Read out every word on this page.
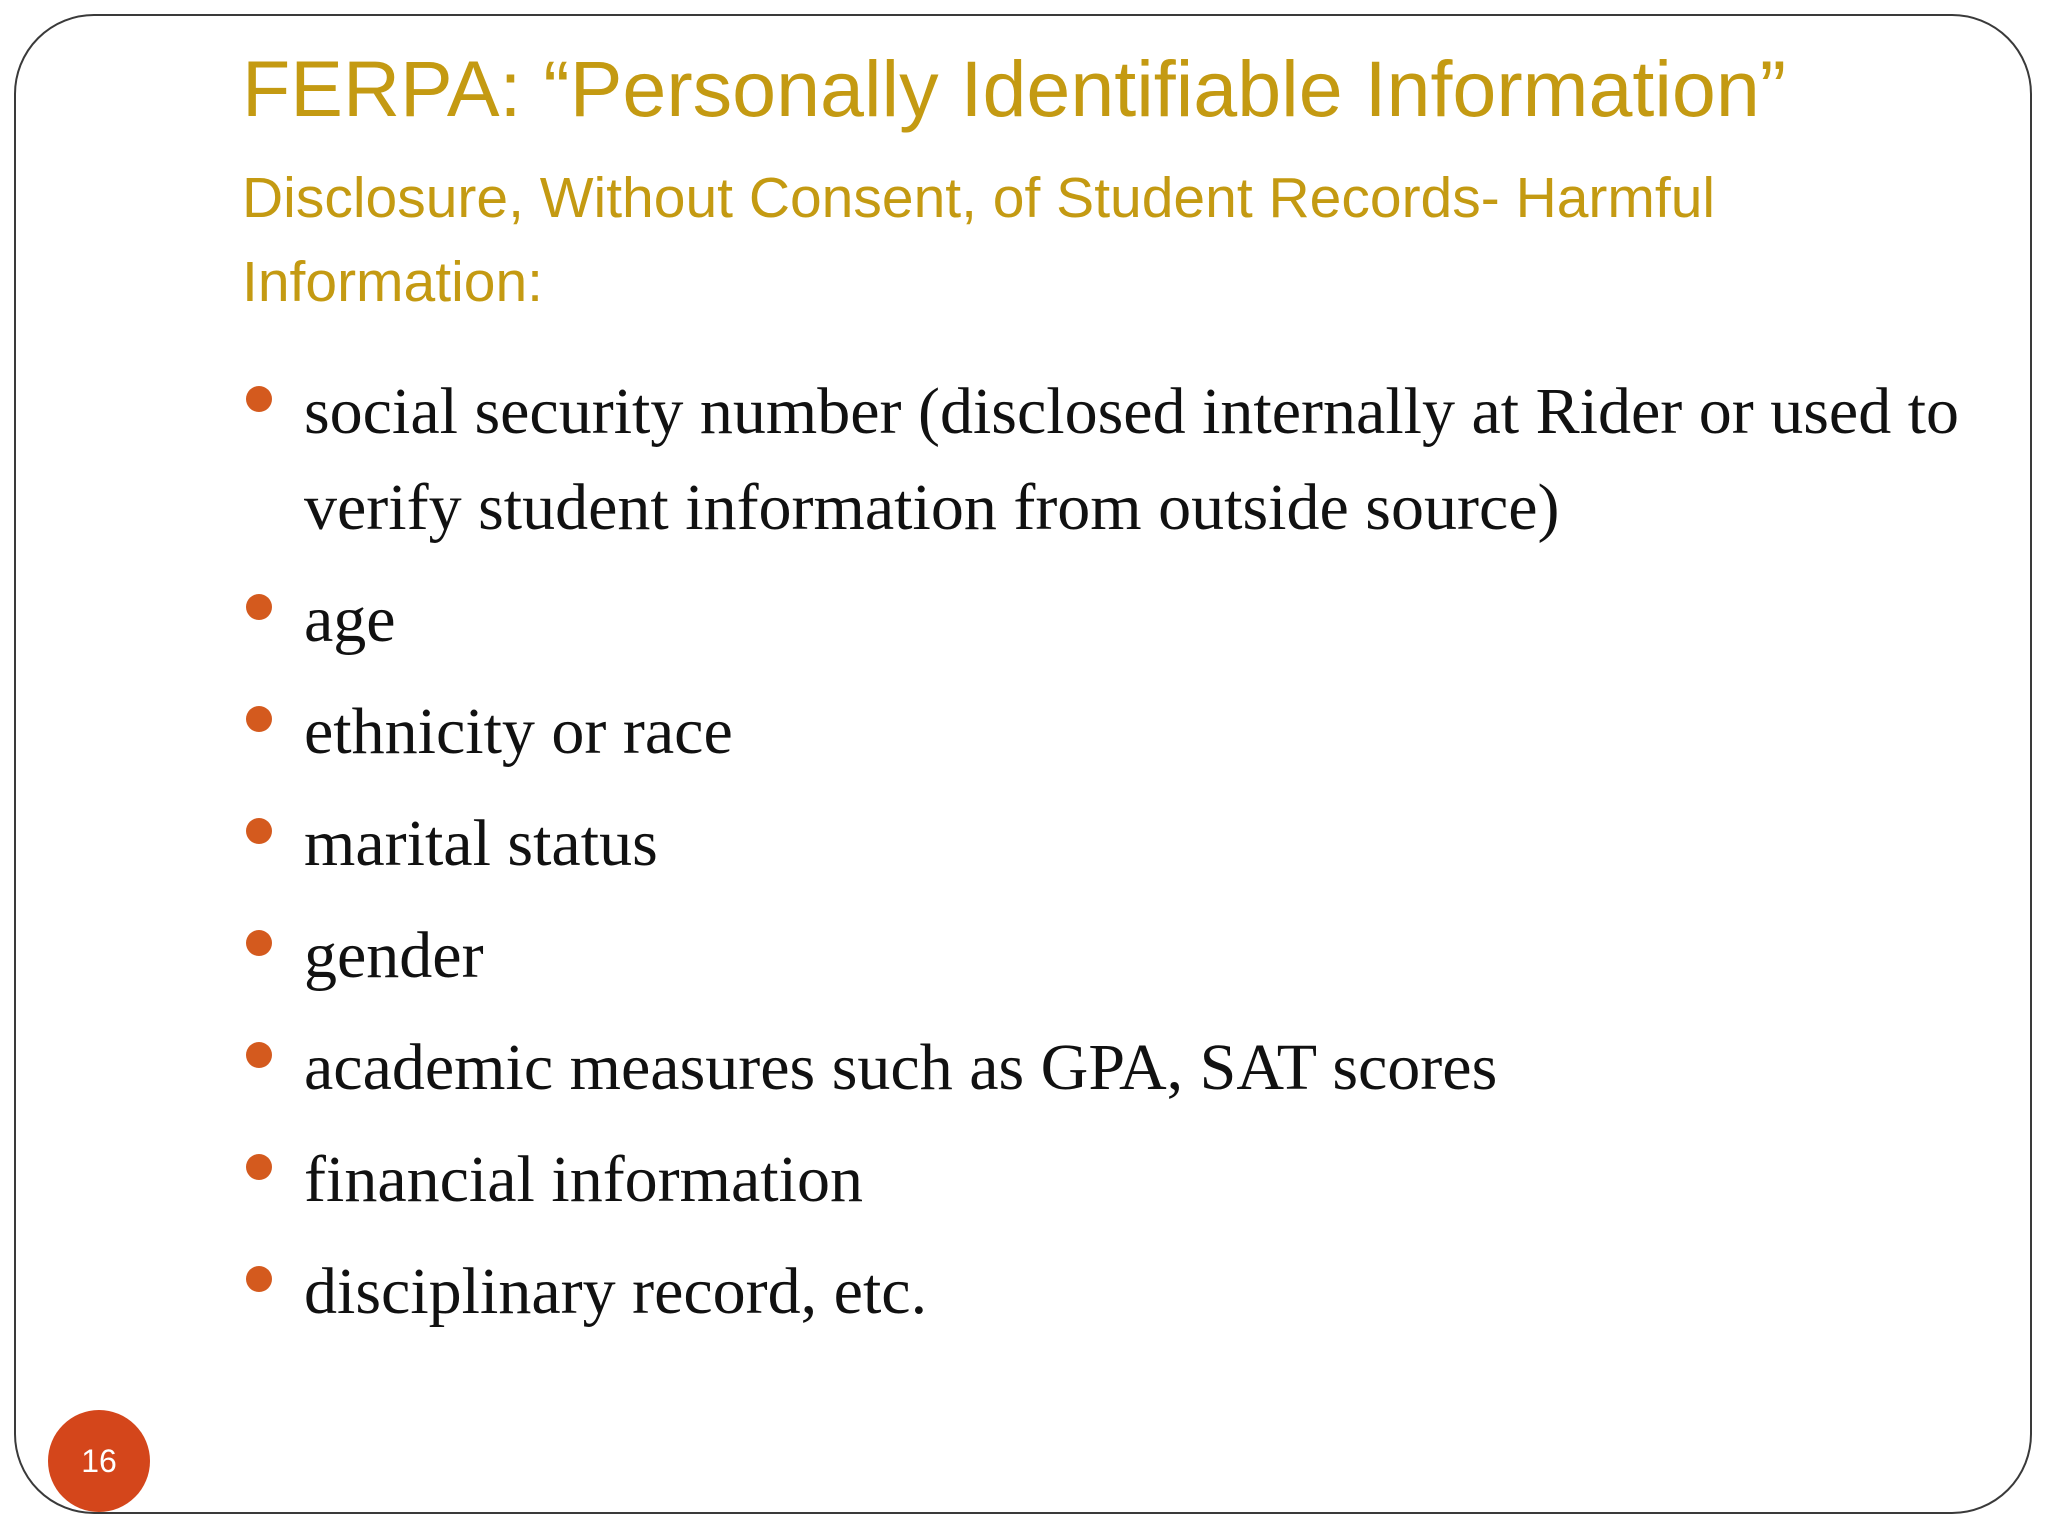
FERPA: “Personally Identifiable Information”
Disclosure, Without Consent, of Student Records- Harmful Information:
social security number (disclosed internally at Rider or used to verify student information from outside source)
age
ethnicity or race
marital status
gender
academic measures such as GPA, SAT scores
financial information
disciplinary record, etc.
16
